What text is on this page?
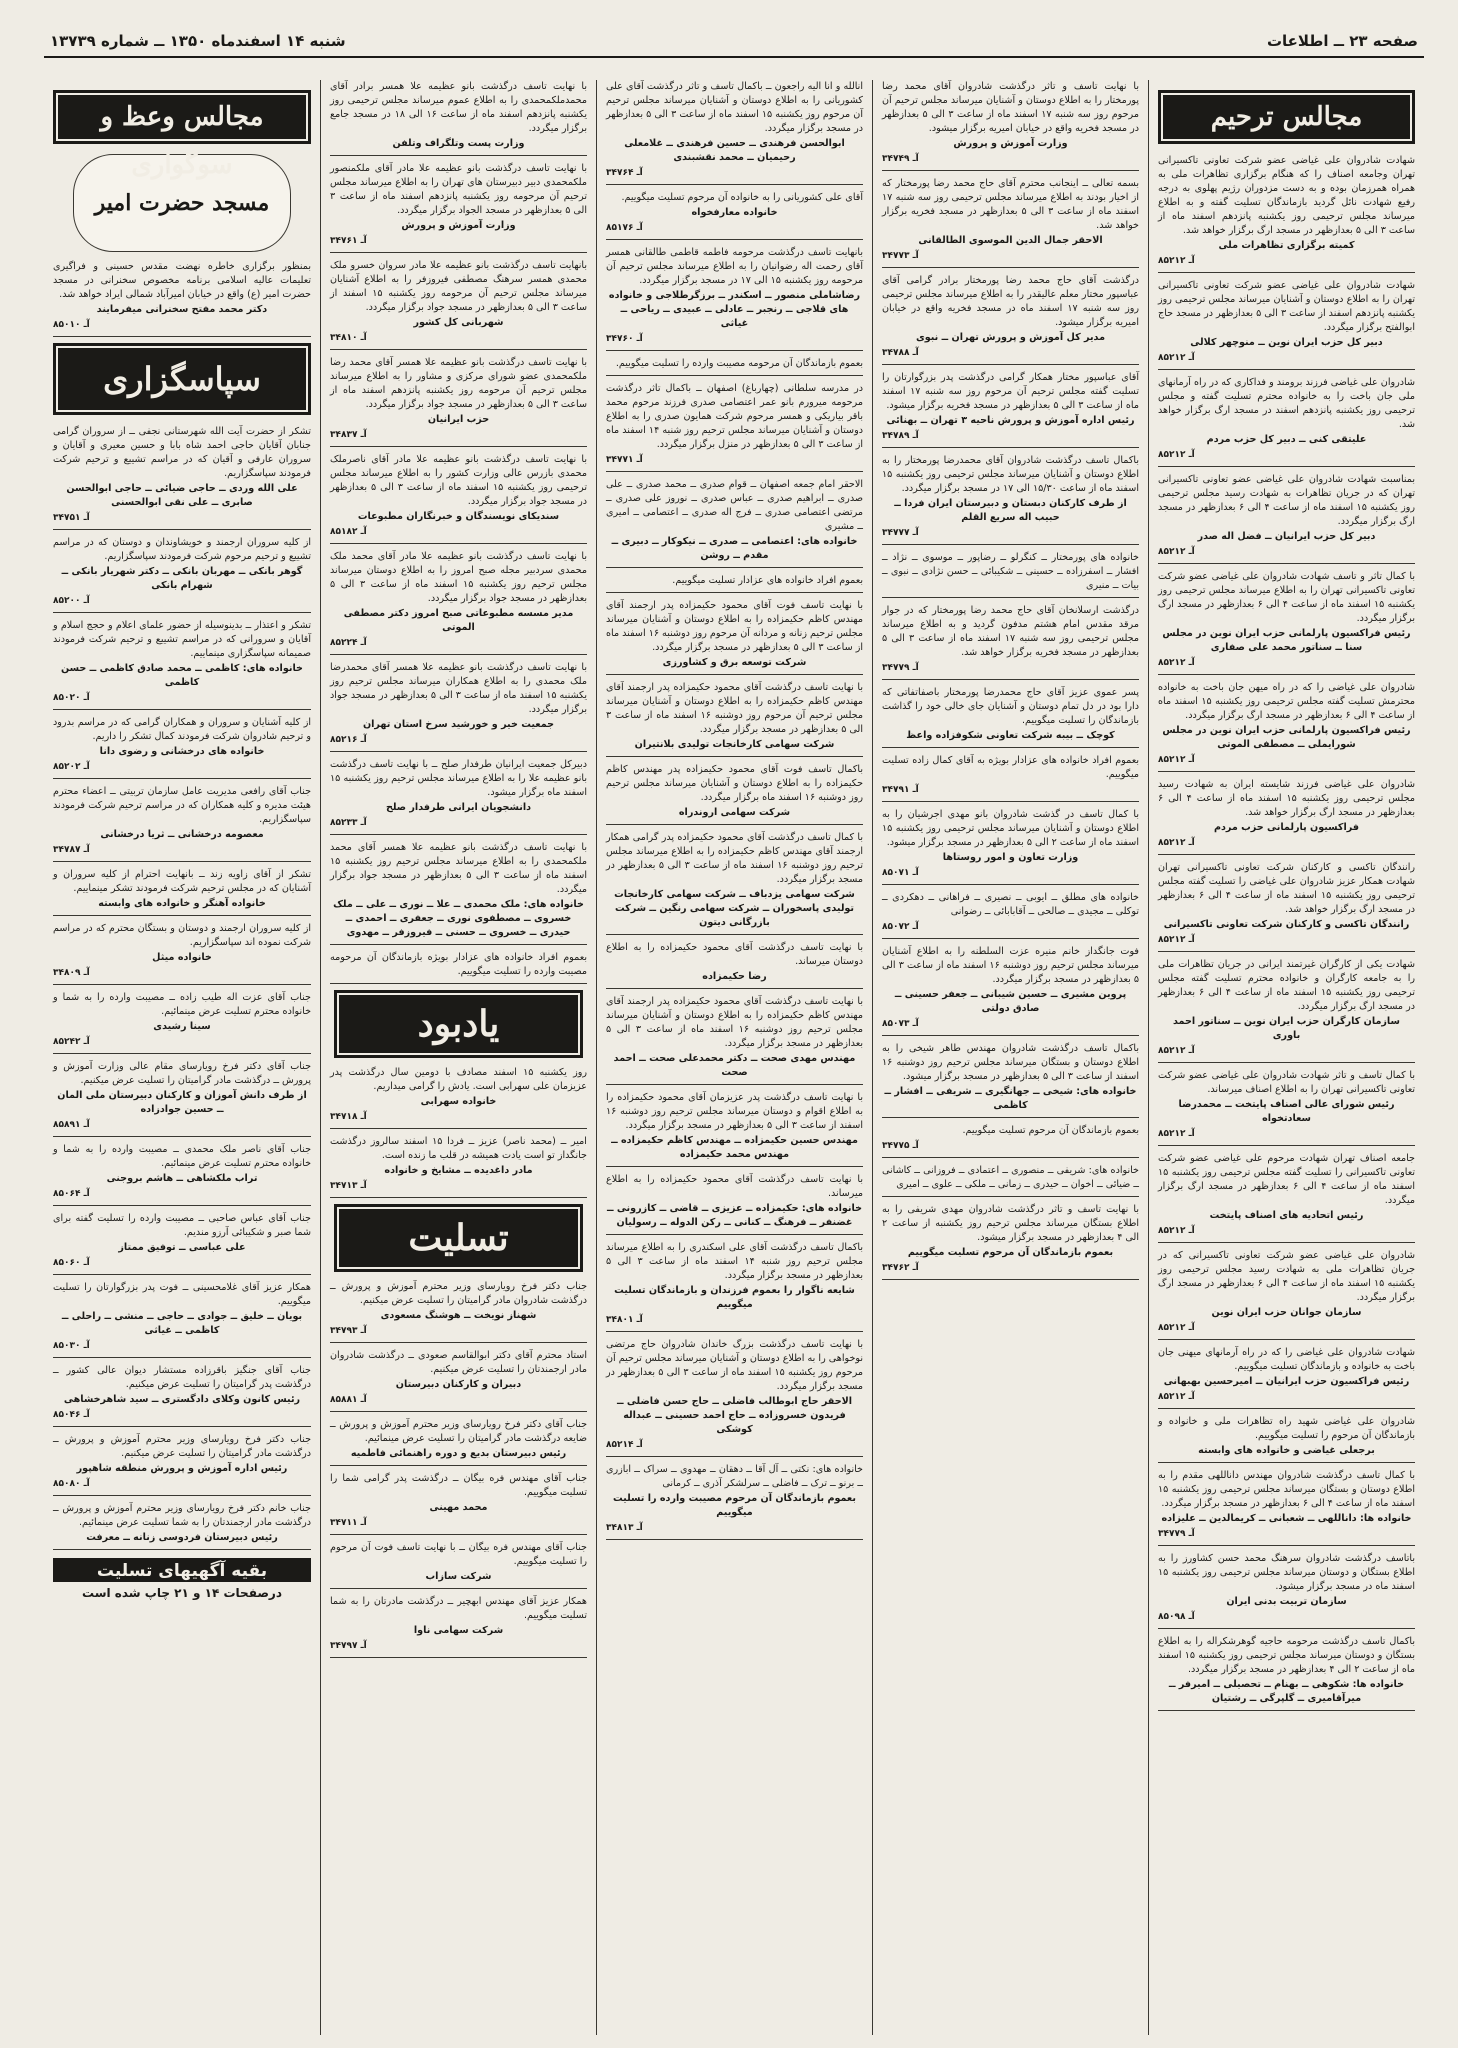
صفحه ۲۳ ــ اطلاعات
شنبه ۱۴ اسفندماه ۱۳۵۰ ــ شماره ۱۳۷۳۹
مجالس ترحیم

شهادت شادروان علی غیاضی عضو شرکت تعاونی تاکسیرانی تهران وجامعه اصناف را که هنگام برگزاری تظاهرات ملی به همراه همرزمان بوده و به دست مزدوران رژیم پهلوی به درجه رفیع شهادت نائل گردید بازماندگان تسلیت گفته و به اطلاع میرساند مجلس ترحیمی روز یکشنبه پانزدهم اسفند ماه از ساعت ۳ الی ۵ بعدازظهر در مسجد ارگ برگزار خواهد شد.

کمیته برگزاری تظاهرات ملی
آـ ۸۵۲۱۲

شهادت شادروان علی غیاضی عضو شرکت تعاونی تاکسیرانی تهران را به اطلاع دوستان و آشنایان میرساند مجلس ترحیمی روز یکشنبه پانزدهم اسفند از ساعت ۳ الی ۵ بعدازظهر در مسجد حاج ابوالفتح برگزار میگردد.

دبیر کل حزب ایران نوین ــ منوچهر کلالی
آـ ۸۵۲۱۲

شادروان علی غیاضی فرزند برومند و فداکاری که در راه آرمانهای ملی جان باخت را به خانواده محترم تسلیت گفته و مجلس ترحیمی روز یکشنبه پانزدهم اسفند در مسجد ارگ برگزار خواهد شد.

علیتقی کنی ــ دبیر کل حزب مردم
آـ ۸۵۲۱۲

بمناسبت شهادت شادروان علی غیاضی عضو تعاونی تاکسیرانی تهران که در جریان تظاهرات به شهادت رسید مجلس ترحیمی روز یکشنبه ۱۵ اسفند ماه از ساعت ۴ الی ۶ بعدازظهر در مسجد ارگ برگزار میگردد.

دبیر کل حزب ایرانیان ــ فضل اله صدر
آـ ۸۵۲۱۲

با کمال تاثر و تاسف شهادت شادروان علی غیاضی عضو شرکت تعاونی تاکسیرانی تهران را به اطلاع میرساند مجلس ترحیمی روز یکشنبه ۱۵ اسفند ماه از ساعت ۴ الی ۶ بعدازظهر در مسجد ارگ برگزار میگردد.

رئیس فراکسیون پارلمانی حزب ایران نوین در مجلس سنا ــ سناتور محمد علی صفاری
آـ ۸۵۲۱۲

شادروان علی غیاضی را که در راه میهن جان باخت به خانواده محترمش تسلیت گفته مجلس ترحیمی روز یکشنبه ۱۵ اسفند ماه از ساعت ۴ الی ۶ بعدازظهر در مسجد ارگ برگزار میگردد.

رئیس فراکسیون پارلمانی حزب ایران نوین در مجلس شورایملی ــ مصطفی الموتی
آـ ۸۵۲۱۲

شادروان علی غیاضی فرزند شایسته ایران به شهادت رسید مجلس ترحیمی روز یکشنبه ۱۵ اسفند ماه از ساعت ۴ الی ۶ بعدازظهر در مسجد ارگ برگزار خواهد شد.

فراکسیون پارلمانی حزب مردم
آـ ۸۵۲۱۲

رانندگان تاکسی و کارکنان شرکت تعاونی تاکسیرانی تهران شهادت همکار عزیز شادروان علی غیاضی را تسلیت گفته مجلس ترحیمی روز یکشنبه ۱۵ اسفند ماه از ساعت ۴ الی ۶ بعدازظهر در مسجد ارگ برگزار خواهد شد.

رانندگان تاکسی و کارکنان شرکت تعاونی تاکسیرانی
آـ ۸۵۲۱۲

شهادت یکی از کارگران غیرتمند ایرانی در جریان تظاهرات ملی را به جامعه کارگران و خانواده محترم تسلیت گفته مجلس ترحیمی روز یکشنبه ۱۵ اسفند ماه از ساعت ۴ الی ۶ بعدازظهر در مسجد ارگ برگزار میگردد.

سازمان کارگران حزب ایران نوین ــ سناتور احمد باوری
آـ ۸۵۲۱۲

با کمال تاسف و تاثر شهادت شادروان علی غیاضی عضو شرکت تعاونی تاکسیرانی تهران را به اطلاع اصناف میرساند.

رئیس شورای عالی اصناف پایتخت ــ محمدرضا سعادتخواه
آـ ۸۵۲۱۲

جامعه اصناف تهران شهادت مرحوم علی غیاضی عضو شرکت تعاونی تاکسیرانی را تسلیت گفته مجلس ترحیمی روز یکشنبه ۱۵ اسفند ماه از ساعت ۴ الی ۶ بعدازظهر در مسجد ارگ برگزار میگردد.

رئیس اتحادیه های اصناف پایتخت
آـ ۸۵۲۱۲

شادروان علی غیاضی عضو شرکت تعاونی تاکسیرانی که در جریان تظاهرات ملی به شهادت رسید مجلس ترحیمی روز یکشنبه ۱۵ اسفند ماه از ساعت ۴ الی ۶ بعدازظهر در مسجد ارگ برگزار میگردد.

سازمان جوانان حزب ایران نوین
آـ ۸۵۲۱۲

شهادت شادروان علی غیاضی را که در راه آرمانهای میهنی جان باخت به خانواده و بازماندگان تسلیت میگوییم.

رئیس فراکسیون حزب ایرانیان ــ امیرحسین بهبهانی
آـ ۸۵۲۱۲

شادروان علی غیاضی شهید راه تظاهرات ملی و خانواده و بازماندگان آن مرحوم را تسلیت میگوییم.

برجعلی غیاضی و خانواده های وابسته

با کمال تاسف درگذشت شادروان مهندس داناللهی مقدم را به اطلاع دوستان و بستگان میرساند مجلس ترحیمی روز یکشنبه ۱۵ اسفند ماه از ساعت ۴ الی ۶ بعدازظهر در مسجد برگزار میگردد.

خانواده ها: داناللهی ــ شعبانی ــ کریمالدین ــ علیزاده
آـ ۳۴۷۷۹

باتاسف درگذشت شادروان سرهنگ محمد حسن کشاورز را به اطلاع بستگان و دوستان میرساند مجلس ترحیمی روز یکشنبه ۱۵ اسفند ماه در مسجد برگزار میشود.

سازمان تربیت بدنی ایران
آـ ۸۵۰۹۸

باکمال تاسف درگذشت مرحومه حاجیه گوهرشکراله را به اطلاع بستگان و دوستان میرساند مجلس ترحیمی روز یکشنبه ۱۵ اسفند ماه از ساعت ۲ الی ۴ بعدازظهر در مسجد برگزار میگردد.

خانواده ها: شکوهی ــ بهنام ــ تحصیلی ــ امیرفر ــ میرآقامیری ــ گلپرگی ــ رشتیان

با نهایت تاسف و تاثر درگذشت شادروان آقای محمد رضا پورمختار را به اطلاع دوستان و آشنایان میرساند مجلس ترحیم آن مرحوم روز سه شنبه ۱۷ اسفند ماه از ساعت ۳ الی ۵ بعدازظهر در مسجد فخریه واقع در خیابان امیریه برگزار میشود.

وزارت آموزش و پرورش
آـ ۳۴۷۴۹

بسمه تعالی ــ اینجانب محترم آقای حاج محمد رضا پورمختار که از اخیار بودند به اطلاع میرساند مجلس ترحیمی روز سه شنبه ۱۷ اسفند ماه از ساعت ۳ الی ۵ بعدازظهر در مسجد فخریه برگزار خواهد شد.

الاحقر جمال الدین الموسوی الطالقانی
آـ ۳۴۷۷۳

درگذشت آقای حاج محمد رضا پورمختار برادر گرامی آقای عباسپور مختار معلم عالیقدر را به اطلاع میرساند مجلس ترحیمی روز سه شنبه ۱۷ اسفند ماه در مسجد فخریه واقع در خیابان امیریه برگزار میشود.

مدیر کل آموزش و پرورش تهران ــ نبوی
آـ ۳۴۷۸۸

آقای عباسپور مختار همکار گرامی درگذشت پدر بزرگوارتان را تسلیت گفته مجلس ترحیم آن مرحوم روز سه شنبه ۱۷ اسفند ماه از ساعت ۳ الی ۵ بعدازظهر در مسجد فخریه برگزار میشود.

رئیس اداره آموزش و پرورش ناحیه ۳ تهران ــ بهنائی
آـ ۳۴۷۸۹

باکمال تاسف درگذشت شادروان آقای محمدرضا پورمختار را به اطلاع دوستان و آشنایان میرساند مجلس ترحیمی روز یکشنبه ۱۵ اسفند ماه از ساعت ۱۵/۳۰ الی ۱۷ در مسجد برگزار میگردد.

از طرف کارکنان دبستان و دبیرستان ایران فردا ــ حبیب اله سریع القلم
آـ ۳۴۷۷۷

خانواده های پورمختار ــ کنگرلو ــ رضاپور ــ موسوی ــ نژاد ــ افشار ــ اسفرزاده ــ حسینی ــ شکیبائی ــ حسن نژادی ــ نبوی ــ بیات ــ منیری

درگذشت ارسلانخان آقای حاج محمد رضا پورمختار که در جوار مرقد مقدس امام هشتم مدفون گردید و به اطلاع میرساند مجلس ترحیمی روز سه شنبه ۱۷ اسفند ماه از ساعت ۳ الی ۵ بعدازظهر در مسجد فخریه برگزار خواهد شد.

آـ ۳۴۷۷۹

پسر عموی عزیز آقای حاج محمدرضا پورمختار باصفاتفاتی که دارا بود در دل تمام دوستان و آشنایان جای خالی خود را گذاشت بازماندگان را تسلیت میگوییم.

کوچک ــ بیبه شرکت تعاونی شکوفزاده واعظ

بعموم افراد خانواده های عزادار بویژه به آقای کمال زاده تسلیت میگوییم.

آـ ۳۴۷۹۱

با کمال تاسف در گذشت شادروان بانو مهدی اجرشیان را به اطلاع دوستان و آشنایان میرساند مجلس ترحیمی روز یکشنبه ۱۵ اسفند ماه از ساعت ۲ الی ۵ بعدازظهر در مسجد برگزار میشود.

وزارت تعاون و امور روستاها
آـ ۸۵۰۷۱

خانواده های مطلق ــ ایوبی ــ نصیری ــ فراهانی ــ دهکردی ــ توکلی ــ مجیدی ــ صالحی ــ آقابابائی ــ رضوانی

آـ ۸۵۰۷۲

فوت جانگداز خانم منیره عزت السلطنه را به اطلاع آشنایان میرساند مجلس ترحیم روز دوشنبه ۱۶ اسفند ماه از ساعت ۳ الی ۵ بعدازظهر در مسجد برگزار میگردد.

پروین مشیری ــ حسین شیبانی ــ جعفر حسینی ــ صادق دولتی
آـ ۸۵۰۷۳

باکمال تاسف درگذشت شادروان مهندس طاهر شیخی را به اطلاع دوستان و بستگان میرساند مجلس ترحیم روز دوشنبه ۱۶ اسفند از ساعت ۳ الی ۵ بعدازظهر در مسجد برگزار میشود.

خانواده های: شیخی ــ جهانگیری ــ شریفی ــ افشار ــ کاظمی

بعموم بازماندگان آن مرحوم تسلیت میگوییم.

آـ ۳۴۷۷۵

خانواده های: شریفی ــ منصوری ــ اعتمادی ــ فروزانی ــ کاشانی ــ ضیائی ــ اخوان ــ حیدری ــ زمانی ــ ملکی ــ علوی ــ امیری

با نهایت تاسف و تاثر درگذشت شادروان مهدی شریفی را به اطلاع بستگان میرساند مجلس ترحیم روز یکشنبه از ساعت ۲ الی ۴ بعدازظهر در مسجد برگزار میشود.

بعموم بازماندگان آن مرحوم تسلیت میگوییم
آـ ۳۴۷۶۲

انالله و انا الیه راجعون ــ باکمال تاسف و تاثر درگذشت آقای علی کشوریانی را به اطلاع دوستان و آشنایان میرساند مجلس ترحیم آن مرحوم روز یکشنبه ۱۵ اسفند ماه از ساعت ۳ الی ۵ بعدازظهر در مسجد برگزار میگردد.

ابوالحسن فرهندی ــ حسین فرهندی ــ غلامعلی رحیمیان ــ محمد نقشبندی
آـ ۳۴۷۶۴

آقای علی کشوریانی را به خانواده آن مرحوم تسلیت میگوییم.

خانواده معارفخواه
آـ ۸۵۱۷۶

بانهایت تاسف درگذشت مرحومه فاطمه قاطمی طالقانی همسر آقای رحمت اله رضوانیان را به اطلاع میرساند مجلس ترحیم آن مرحومه روز یکشنبه ۱۵ الی ۱۷ در مسجد برگزار میگردد.

رضاشاملی منصور ــ اسکندر ــ برزگرطلاجی و خانواده های قلاجی ــ رنجبر ــ عادلی ــ عبیدی ــ ریاحی ــ غیاثی
آـ ۳۴۷۶۰

بعموم بازماندگان آن مرحومه مصیبت وارده را تسلیت میگوییم.

در مدرسه سلطانی (چهارباغ) اصفهان ــ باکمال تاثر درگذشت مرحومه میرورم بانو عمر اعتصامی صدری فرزند مرحوم محمد باقر بیاریکی و همسر مرحوم شرکت همایون صدری را به اطلاع دوستان و آشنایان میرساند مجلس ترحیم روز شنبه ۱۴ اسفند ماه از ساعت ۳ الی ۵ بعدازظهر در منزل برگزار میگردد.

آـ ۳۴۷۷۱

الاحقر امام جمعه اصفهان ــ قوام صدری ــ محمد صدری ــ علی صدری ــ ابراهیم صدری ــ عباس صدری ــ نوروز علی صدری ــ مرتضی اعتصامی صدری ــ فرج اله صدری ــ اعتصامی ــ امیری ــ مشیری

خانواده های: اعتصامی ــ صدری ــ نیکوکار ــ دبیری ــ مقدم ــ روشن

بعموم افراد خانواده های عزادار تسلیت میگوییم.

با نهایت تاسف فوت آقای محمود حکیمزاده پدر ارجمند آقای مهندس کاظم حکیمزاده را به اطلاع دوستان و آشنایان میرساند مجلس ترحیم زنانه و مردانه آن مرحوم روز دوشنبه ۱۶ اسفند ماه از ساعت ۳ الی ۵ بعدازظهر در مسجد برگزار میگردد.

شرکت توسعه برق و کشاورزی

با نهایت تاسف درگذشت آقای محمود حکیمزاده پدر ارجمند آقای مهندس کاظم حکیمزاده را به اطلاع دوستان و آشنایان میرساند مجلس ترحیم آن مرحوم روز دوشنبه ۱۶ اسفند ماه از ساعت ۳ الی ۵ بعدازظهر در مسجد برگزار میگردد.

شرکت سهامی کارخانجات تولیدی بلانتیران

باکمال تاسف فوت آقای محمود حکیمزاده پدر مهندس کاظم حکیمزاده را به اطلاع دوستان و آشنایان میرساند مجلس ترحیم روز دوشنبه ۱۶ اسفند ماه برگزار میگردد.

شرکت سهامی اروندراه

با کمال تاسف درگذشت آقای محمود حکیمزاده پدر گرامی همکار ارجمند آقای مهندس کاظم حکیمزاده را به اطلاع میرساند مجلس ترحیم روز دوشنبه ۱۶ اسفند ماه از ساعت ۳ الی ۵ بعدازظهر در مسجد برگزار میگردد.

شرکت سهامی یزدباف ــ شرکت سهامی کارخانجات تولیدی پاسخوران ــ شرکت سهامی رنگین ــ شرکت بازرگانی دیتون

با نهایت تاسف درگذشت آقای محمود حکیمزاده را به اطلاع دوستان میرساند.

رضا حکیمزاده

با نهایت تاسف درگذشت آقای محمود حکیمزاده پدر ارجمند آقای مهندس کاظم حکیمزاده را به اطلاع دوستان و آشنایان میرساند مجلس ترحیم روز دوشنبه ۱۶ اسفند ماه از ساعت ۳ الی ۵ بعدازظهر در مسجد برگزار میگردد.

مهندس مهدی صحت ــ دکتر محمدعلی صحت ــ احمد صحت

با نهایت تاسف درگذشت پدر عزیزمان آقای محمود حکیمزاده را به اطلاع اقوام و دوستان میرساند مجلس ترحیم روز دوشنبه ۱۶ اسفند از ساعت ۳ الی ۵ بعدازظهر در مسجد برگزار میگردد.

مهندس حسین حکیمزاده ــ مهندس کاظم حکیمزاده ــ مهندس محمد حکیمزاده

با نهایت تاسف درگذشت آقای محمود حکیمزاده را به اطلاع میرساند.

خانواده های: حکیمزاده ــ عزیزی ــ قاضی ــ کازرونی ــ غضنفر ــ فرهنگ ــ کنانی ــ رکن الدوله ــ رسولیان

باکمال تاسف درگذشت آقای علی اسکندری را به اطلاع میرساند مجلس ترحیم روز شنبه ۱۴ اسفند ماه از ساعت ۳ الی ۵ بعدازظهر در مسجد برگزار میگردد.

شایعه ناگوار را بعموم فرزندان و بازماندگان تسلیت میگوییم
آـ ۳۴۸۰۱

با نهایت تاسف درگذشت بزرگ خاندان شادروان حاج مرتضی نوخواهی را به اطلاع دوستان و آشنایان میرساند مجلس ترحیم آن مرحوم روز یکشنبه ۱۵ اسفند ماه از ساعت ۳ الی ۵ بعدازظهر در مسجد برگزار میگردد.

الاحقر حاج ابوطالب فاضلی ــ حاج حسن فاضلی ــ فریدون خسروزاده ــ حاج احمد حسینی ــ عبداله کوشکی
آـ ۸۵۲۱۴

خانواده های: نکتی ــ آل آقا ــ دهقان ــ مهدوی ــ سراک ــ ابازری ــ برنو ــ ترک ــ فاضلی ــ سرلشکر آذری ــ کرمانی

بعموم بازماندگان آن مرحوم مصیبت وارده را تسلیت میگوییم
آـ ۳۴۸۱۳

با نهایت تاسف درگذشت بانو عظیمه علا همسر برادر آقای محمدملکمحمدی را به اطلاع عموم میرساند مجلس ترحیمی روز یکشنبه پانزدهم اسفند ماه از ساعت ۱۶ الی ۱۸ در مسجد جامع برگزار میگردد.

وزارت پست وتلگراف وتلفن

با نهایت تاسف درگذشت بانو عظیمه علا مادر آقای ملکمنصور ملکمحمدی دبیر دبیرستان های تهران را به اطلاع میرساند مجلس ترحیم آن مرحومه روز یکشنبه پانزدهم اسفند ماه از ساعت ۳ الی ۵ بعدازظهر در مسجد الجواد برگزار میگردد.

وزارت آموزش و پرورش
آـ ۳۴۷۶۱

بانهایت تاسف درگذشت بانو عظیمه علا مادر سروان خسرو ملک محمدی همسر سرهنگ مصطفی فیروزفر را به اطلاع آشنایان میرساند مجلس ترحیم آن مرحومه روز یکشنبه ۱۵ اسفند از ساعت ۳ الی ۵ بعدازظهر در مسجد جواد برگزار میگردد.

شهربانی کل کشور
آـ ۳۴۸۱۰

با نهایت تاسف درگذشت بانو عظیمه علا همسر آقای محمد رضا ملکمحمدی عضو شورای مرکزی و مشاور را به اطلاع میرساند مجلس ترحیم آن مرحومه روز یکشنبه پانزدهم اسفند ماه از ساعت ۳ الی ۵ بعدازظهر در مسجد جواد برگزار میگردد.

حزب ایرانیان
آـ ۳۴۸۳۷

با نهایت تاسف درگذشت بانو عظیمه علا مادر آقای ناصرملک محمدی بازرس عالی وزارت کشور را به اطلاع میرساند مجلس ترحیمی روز یکشنبه ۱۵ اسفند ماه از ساعت ۳ الی ۵ بعدازظهر در مسجد جواد برگزار میگردد.

سندیکای نویسندگان و خبرنگاران مطبوعات
آـ ۸۵۱۸۲

با نهایت تاسف درگذشت بانو عظیمه علا مادر آقای محمد ملک محمدی سردبیر مجله صبح امروز را به اطلاع دوستان میرساند مجلس ترحیم روز یکشنبه ۱۵ اسفند ماه از ساعت ۳ الی ۵ بعدازظهر در مسجد جواد برگزار میگردد.

مدیر مسسه مطبوعاتی صبح امروز دکتر مصطفی الموتی
آـ ۸۵۲۲۴

با نهایت تاسف درگذشت بانو عظیمه علا همسر آقای محمدرضا ملک محمدی را به اطلاع همکاران میرساند مجلس ترحیم روز یکشنبه ۱۵ اسفند ماه از ساعت ۳ الی ۵ بعدازظهر در مسجد جواد برگزار میگردد.

جمعیت خیر و خورشید سرخ استان تهران
آـ ۸۵۲۱۶

دبیرکل جمعیت ایرانیان طرفدار صلح ــ با نهایت تاسف درگذشت بانو عظیمه علا را به اطلاع میرساند مجلس ترحیم روز یکشنبه ۱۵ اسفند ماه برگزار میشود.

دانشجویان ایرانی طرفدار صلح
آـ ۸۵۲۳۳

با نهایت تاسف درگذشت بانو عظیمه علا همسر آقای محمد ملکمحمدی را به اطلاع میرساند مجلس ترحیم روز یکشنبه ۱۵ اسفند ماه از ساعت ۳ الی ۵ بعدازظهر در مسجد جواد برگزار میگردد.

خانواده های: ملک محمدی ــ علا ــ نوری ــ علی ــ ملک خسروی ــ مصطفوی نوری ــ جعفری ــ احمدی ــ حیدری ــ خسروی ــ حسنی ــ فیروزفر ــ مهدوی

بعموم افراد خانواده های عزادار بویژه بازماندگان آن مرحومه مصیبت وارده را تسلیت میگوییم.

یادبود

روز یکشنبه ۱۵ اسفند مصادف با دومین سال درگذشت پدر عزیزمان علی سهرابی است. یادش را گرامی میداریم.

خانواده سهرابی
آـ ۳۴۷۱۸

امیر ــ (محمد ناصر) عزیز ــ فردا ۱۵ اسفند سالروز درگذشت جانگداز تو است یادت همیشه در قلب ما زنده است.

مادر داغدیده ــ مشایخ و خانواده
آـ ۳۴۷۱۳
تسلیت

جناب دکتر فرخ رویارسای وزیر محترم آموزش و پرورش ــ درگذشت شادروان مادر گرامیتان را تسلیت عرض میکنیم.

شهناز نویخت ــ هوشنگ مسعودی
آـ ۳۴۷۹۳

استاد محترم آقای دکتر ابوالقاسم صعودی ــ درگذشت شادروان مادر ارجمندتان را تسلیت عرض میکنیم.

دبیران و کارکنان دبیرستان
آـ ۸۵۸۸۱

جناب آقای دکتر فرخ رویارسای وزیر محترم آموزش و پرورش ــ ضایعه درگذشت مادر گرامیتان را تسلیت عرض مینمائیم.

رئیس دبیرستان بدیع و دوره راهنمائی فاطمیه

جناب آقای مهندس فره بیگان ــ درگذشت پدر گرامی شما را تسلیت میگوییم.

محمد مهینی
آـ ۳۴۷۱۱

جناب آقای مهندس فره بیگان ــ با نهایت تاسف فوت آن مرحوم را تسلیت میگوییم.

شرکت سازاب

همکار عزیز آقای مهندس ابهچیر ــ درگذشت مادرتان را به شما تسلیت میگوییم.

شرکت سهامی ناوا
آـ ۳۴۷۹۷
مجالس وعظ و سوگواری
مسجد حضرت امیر

بمنظور برگزاری خاطره نهضت مقدس حسینی و فراگیری تعلیمات عالیه اسلامی برنامه مخصوص سخنرانی در مسجد حضرت امیر (ع) واقع در خیابان امیرآباد شمالی ایراد خواهد شد.

دکتر محمد مفتح سخنرانی میفرمایند
آـ ۸۵۰۱۰
سپاسگزاری

تشکر از حضرت آیت الله شهرستانی نجفی ــ از سروران گرامی جنابان آقایان حاجی احمد شاه بابا و حسین معیری و آقایان و سروران عارفی و آقیان که در مراسم تشییع و ترحیم شرکت فرمودند سپاسگزاریم.

علی الله وردی ــ حاجی ضیائی ــ حاجی ابوالحسن صابری ــ علی نقی ابوالحسنی
آـ ۳۴۷۵۱

از کلیه سروران ارجمند و خویشاوندان و دوستان که در مراسم تشییع و ترحیم مرحوم شرکت فرمودند سپاسگزاریم.

گوهر بانکی ــ مهربان بانکی ــ دکتر شهریار بانکی ــ شهرام بانکی
آـ ۸۵۲۰۰

تشکر و اعتذار ــ بدینوسیله از حضور علمای اعلام و حجج اسلام و آقایان و سرورانی که در مراسم تشییع و ترحیم شرکت فرمودند صمیمانه سپاسگزاری مینماییم.

خانواده های: کاظمی ــ محمد صادق کاظمی ــ حسن کاظمی
آـ ۸۵۰۲۰

از کلیه آشنایان و سروران و همکاران گرامی که در مراسم بدرود و ترحیم شادروان شرکت فرمودند کمال تشکر را داریم.

خانواده های درخشانی و رضوی دانا
آـ ۸۵۲۰۲

جناب آقای رافعی مدیریت عامل سازمان تربیتی ــ اعضاء محترم هیئت مدیره و کلیه همکاران که در مراسم ترحیم شرکت فرمودند سپاسگزاریم.

معصومه درخشانی ــ ثریا درخشانی
آـ ۳۴۷۸۷

تشکر از آقای زاویه زند ــ بانهایت احترام از کلیه سروران و آشنایان که در مجلس ترحیم شرکت فرمودند تشکر مینماییم.

خانواده آهنگر و خانواده های وابسته

از کلیه سروران ارجمند و دوستان و بستگان محترم که در مراسم شرکت نموده اند سپاسگزاریم.

خانواده میثل
آـ ۳۴۸۰۹

جناب آقای عزت اله طیب زاده ــ مصیبت وارده را به شما و خانواده محترم تسلیت عرض مینمائیم.

سینا رشیدی
آـ ۸۵۲۴۲

جناب آقای دکتر فرخ رویارسای مقام عالی وزارت آموزش و پرورش ــ درگذشت مادر گرامیتان را تسلیت عرض میکنیم.

از طرف دانش آموزان و کارکنان دبیرستان ملی المان ــ حسین جوادزاده
آـ ۸۵۸۹۱

جناب آقای ناصر ملک محمدی ــ مصیبت وارده را به شما و خانواده محترم تسلیت عرض مینمائیم.

تراب ملکشاهی ــ هاشم بروجنی
آـ ۸۵۰۶۴

جناب آقای عباس صاحبی ــ مصیبت وارده را تسلیت گفته برای شما صبر و شکیبائی آرزو مندیم.

علی عباسی ــ توفیق ممتاز
آـ ۸۵۰۶۰

همکار عزیز آقای غلامحسینی ــ فوت پدر بزرگوارتان را تسلیت میگوییم.

بویان ــ خلیق ــ جوادی ــ حاجی ــ منشی ــ راحلی ــ کاظمی ــ غیاثی
آـ ۸۵۰۳۰

جناب آقای جنگیز باقرزاده مستشار دیوان عالی کشور ــ درگذشت پدر گرامیتان را تسلیت عرض میکنیم.

رئیس کانون وکلای دادگستری ــ سید شاهرخشاهی
آـ ۸۵۰۴۶

جناب دکتر فرخ رویارسای وزیر محترم آموزش و پرورش ــ درگذشت مادر گرامیتان را تسلیت عرض میکنیم.

رئیس اداره آموزش و پرورش منطقه شاهپور
آـ ۸۵۰۸۰

جناب خانم دکتر فرخ رویارسای وزیر محترم آموزش و پرورش ــ درگذشت مادر ارجمندتان را به شما تسلیت عرض مینمائیم.

رئیس دبیرستان فردوسی زنانه ــ معرفت
بقیه آگهیهای تسلیت
درصفحات ۱۴ و ۲۱ چاپ شده است
